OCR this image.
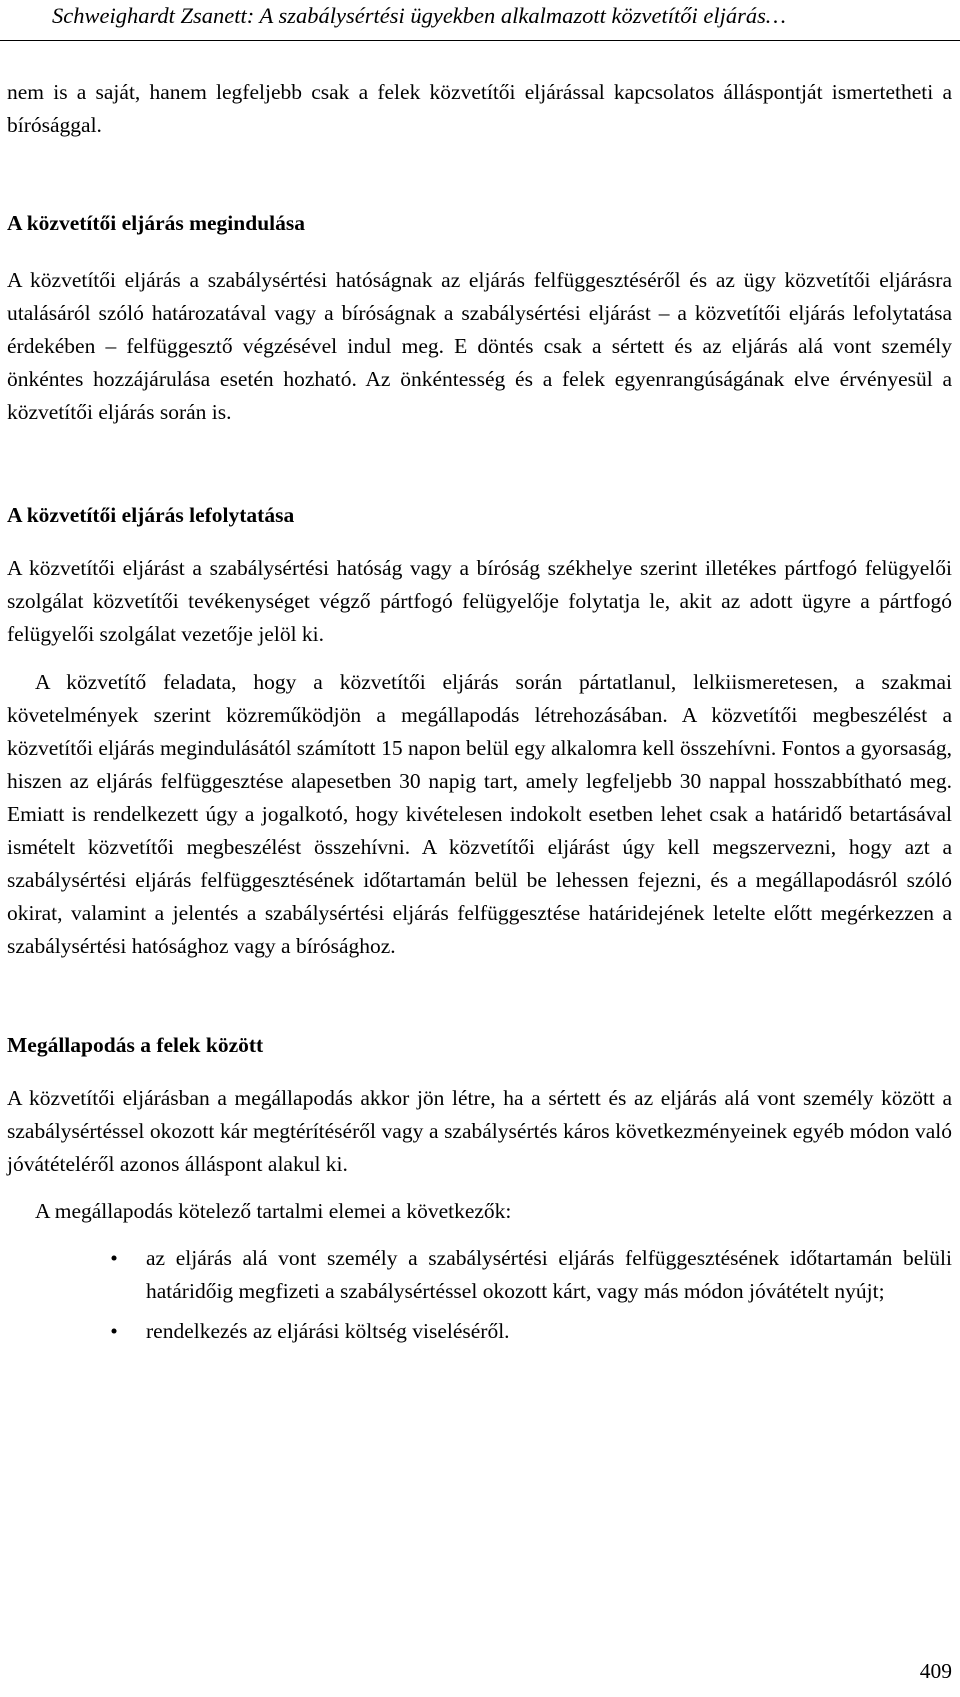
Schweighardt Zsanett: A szabálysértési ügyekben alkalmazott közvetítői eljárás…

nem is a saját, hanem legfeljebb csak a felek közvetítői eljárással kapcsolatos álláspontját ismertetheti a bírósággal.

A közvetítői eljárás megindulása

A közvetítői eljárás a szabálysértési hatóságnak az eljárás felfüggesztéséről és az ügy közvetítői eljárásra utalásáról szóló határozatával vagy a bíróságnak a szabálysértési eljárást – a közvetítői eljárás lefolytatása érdekében – felfüggesztő végzésével indul meg. E döntés csak a sértett és az eljárás alá vont személy önkéntes hozzájárulása esetén hozható. Az önkéntesség és a felek egyenrangúságának elve érvényesül a közvetítői eljárás során is.

A közvetítői eljárás lefolytatása

A közvetítői eljárást a szabálysértési hatóság vagy a bíróság székhelye szerint illetékes pártfogó felügyelői szolgálat közvetítői tevékenységet végző pártfogó felügyelője folytatja le, akit az adott ügyre a pártfogó felügyelői szolgálat vezetője jelöl ki.

A közvetítő feladata, hogy a közvetítői eljárás során pártatlanul, lelkiismeretesen, a szakmai követelmények szerint közreműködjön a megállapodás létrehozásában. A közvetítői megbeszélést a közvetítői eljárás megindulásától számított 15 napon belül egy alkalomra kell összehívni. Fontos a gyorsaság, hiszen az eljárás felfüggesztése alapesetben 30 napig tart, amely legfeljebb 30 nappal hosszabbítható meg. Emiatt is rendelkezett úgy a jogalkotó, hogy kivételesen indokolt esetben lehet csak a határidő betartásával ismételt közvetítői megbeszélést összehívni. A közvetítői eljárást úgy kell megszervezni, hogy azt a szabálysértési eljárás felfüggesztésének időtartamán belül be lehessen fejezni, és a megállapodásról szóló okirat, valamint a jelentés a szabálysértési eljárás felfüggesztése határidejének letelte előtt megérkezzen a szabálysértési hatósághoz vagy a bírósághoz.

Megállapodás a felek között

A közvetítői eljárásban a megállapodás akkor jön létre, ha a sértett és az eljárás alá vont személy között a szabálysértéssel okozott kár megtérítéséről vagy a szabálysértés káros következményeinek egyéb módon való jóvátételéről azonos álláspont alakul ki.

A megállapodás kötelező tartalmi elemei a következők:

• az eljárás alá vont személy a szabálysértési eljárás felfüggesztésének időtartamán belüli határidőig megfizeti a szabálysértéssel okozott kárt, vagy más módon jóvátételt nyújt;
• rendelkezés az eljárási költség viseléséről.
409
